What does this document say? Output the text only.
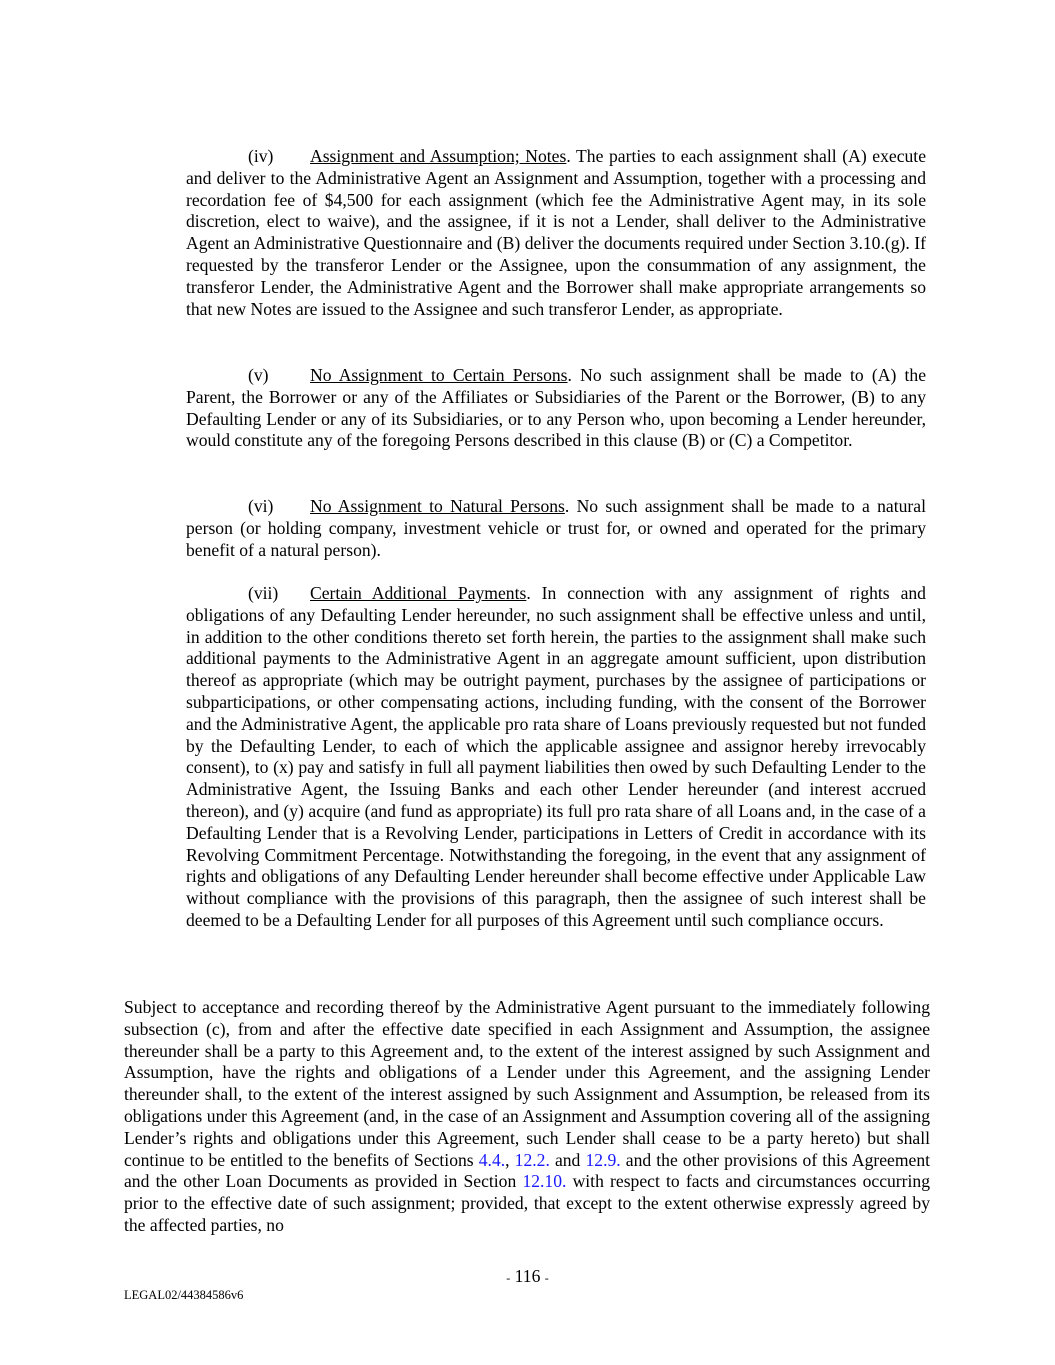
(iv) Assignment and Assumption; Notes. The parties to each assignment shall (A) execute and deliver to the Administrative Agent an Assignment and Assumption, together with a processing and recordation fee of $4,500 for each assignment (which fee the Administrative Agent may, in its sole discretion, elect to waive), and the assignee, if it is not a Lender, shall deliver to the Administrative Agent an Administrative Questionnaire and (B) deliver the documents required under Section 3.10.(g). If requested by the transferor Lender or the Assignee, upon the consummation of any assignment, the transferor Lender, the Administrative Agent and the Borrower shall make appropriate arrangements so that new Notes are issued to the Assignee and such transferor Lender, as appropriate.

(v) No Assignment to Certain Persons. No such assignment shall be made to (A) the Parent, the Borrower or any of the Affiliates or Subsidiaries of the Parent or the Borrower, (B) to any Defaulting Lender or any of its Subsidiaries, or to any Person who, upon becoming a Lender hereunder, would constitute any of the foregoing Persons described in this clause (B) or (C) a Competitor.

(vi) No Assignment to Natural Persons. No such assignment shall be made to a natural person (or holding company, investment vehicle or trust for, or owned and operated for the primary benefit of a natural person).

(vii) Certain Additional Payments. In connection with any assignment of rights and obligations of any Defaulting Lender hereunder, no such assignment shall be effective unless and until, in addition to the other conditions thereto set forth herein, the parties to the assignment shall make such additional payments to the Administrative Agent in an aggregate amount sufficient, upon distribution thereof as appropriate (which may be outright payment, purchases by the assignee of participations or subparticipations, or other compensating actions, including funding, with the consent of the Borrower and the Administrative Agent, the applicable pro rata share of Loans previously requested but not funded by the Defaulting Lender, to each of which the applicable assignee and assignor hereby irrevocably consent), to (x) pay and satisfy in full all payment liabilities then owed by such Defaulting Lender to the Administrative Agent, the Issuing Banks and each other Lender hereunder (and interest accrued thereon), and (y) acquire (and fund as appropriate) its full pro rata share of all Loans and, in the case of a Defaulting Lender that is a Revolving Lender, participations in Letters of Credit in accordance with its Revolving Commitment Percentage. Notwithstanding the foregoing, in the event that any assignment of rights and obligations of any Defaulting Lender hereunder shall become effective under Applicable Law without compliance with the provisions of this paragraph, then the assignee of such interest shall be deemed to be a Defaulting Lender for all purposes of this Agreement until such compliance occurs.

Subject to acceptance and recording thereof by the Administrative Agent pursuant to the immediately following subsection (c), from and after the effective date specified in each Assignment and Assumption, the assignee thereunder shall be a party to this Agreement and, to the extent of the interest assigned by such Assignment and Assumption, have the rights and obligations of a Lender under this Agreement, and the assigning Lender thereunder shall, to the extent of the interest assigned by such Assignment and Assumption, be released from its obligations under this Agreement (and, in the case of an Assignment and Assumption covering all of the assigning Lender’s rights and obligations under this Agreement, such Lender shall cease to be a party hereto) but shall continue to be entitled to the benefits of Sections 4.4., 12.2. and 12.9. and the other provisions of this Agreement and the other Loan Documents as provided in Section 12.10. with respect to facts and circumstances occurring prior to the effective date of such assignment; provided, that except to the extent otherwise expressly agreed by the affected parties, no

- 116 -
LEGAL02/44384586v6
